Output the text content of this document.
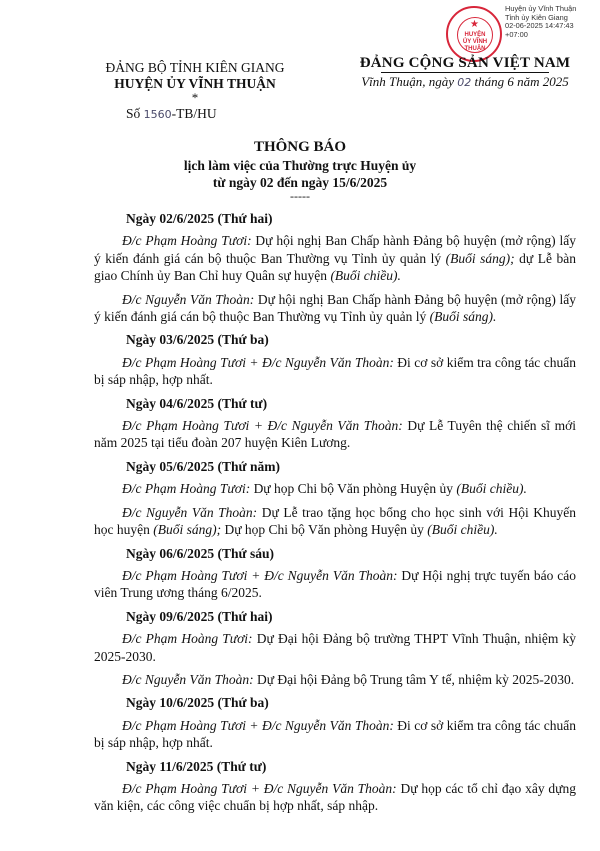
★
HUYỆN ỦY VĨNH THUẬN
Huyện ủy Vĩnh Thuận
Tỉnh ủy Kiên Giang
02-06-2025 14:47:43
+07:00
ĐẢNG BỘ TỈNH KIÊN GIANG
HUYỆN ỦY VĨNH THUẬN
*
Số 1560-TB/HU
ĐẢNG CỘNG SẢN VIỆT NAM
Vĩnh Thuận, ngày 02 tháng 6 năm 2025
THÔNG BÁO
lịch làm việc của Thường trực Huyện ủy
từ ngày 02 đến ngày 15/6/2025
-----
Ngày 02/6/2025 (Thứ hai)
Đ/c Phạm Hoàng Tươi: Dự hội nghị Ban Chấp hành Đảng bộ huyện (mở rộng) lấy ý kiến đánh giá cán bộ thuộc Ban Thường vụ Tỉnh ủy quản lý (Buổi sáng); dự Lễ bàn giao Chính ủy Ban Chỉ huy Quân sự huyện (Buổi chiều).
Đ/c Nguyễn Văn Thoàn: Dự hội nghị Ban Chấp hành Đảng bộ huyện (mở rộng) lấy ý kiến đánh giá cán bộ thuộc Ban Thường vụ Tỉnh ủy quản lý (Buổi sáng).
Ngày 03/6/2025 (Thứ ba)
Đ/c Phạm Hoàng Tươi + Đ/c Nguyễn Văn Thoàn: Đi cơ sở kiểm tra công tác chuẩn bị sáp nhập, hợp nhất.
Ngày 04/6/2025 (Thứ tư)
Đ/c Phạm Hoàng Tươi + Đ/c Nguyễn Văn Thoàn: Dự Lễ Tuyên thệ chiến sĩ mới năm 2025 tại tiểu đoàn 207 huyện Kiên Lương.
Ngày 05/6/2025 (Thứ năm)
Đ/c Phạm Hoàng Tươi: Dự họp Chi bộ Văn phòng Huyện ủy (Buổi chiều).
Đ/c Nguyễn Văn Thoàn: Dự Lễ trao tặng học bổng cho học sinh với Hội Khuyến học huyện (Buổi sáng); Dự họp Chi bộ Văn phòng Huyện ủy (Buổi chiều).
Ngày 06/6/2025 (Thứ sáu)
Đ/c Phạm Hoàng Tươi + Đ/c Nguyễn Văn Thoàn: Dự Hội nghị trực tuyến báo cáo viên Trung ương tháng 6/2025.
Ngày 09/6/2025 (Thứ hai)
Đ/c Phạm Hoàng Tươi: Dự Đại hội Đảng bộ trường THPT Vĩnh Thuận, nhiệm kỳ 2025-2030.
Đ/c Nguyễn Văn Thoàn: Dự Đại hội Đảng bộ Trung tâm Y tế, nhiệm kỳ 2025-2030.
Ngày 10/6/2025 (Thứ ba)
Đ/c Phạm Hoàng Tươi + Đ/c Nguyễn Văn Thoàn: Đi cơ sở kiểm tra công tác chuẩn bị sáp nhập, hợp nhất.
Ngày 11/6/2025 (Thứ tư)
Đ/c Phạm Hoàng Tươi + Đ/c Nguyễn Văn Thoàn: Dự họp các tổ chỉ đạo xây dựng văn kiện, các công việc chuẩn bị hợp nhất, sáp nhập.
